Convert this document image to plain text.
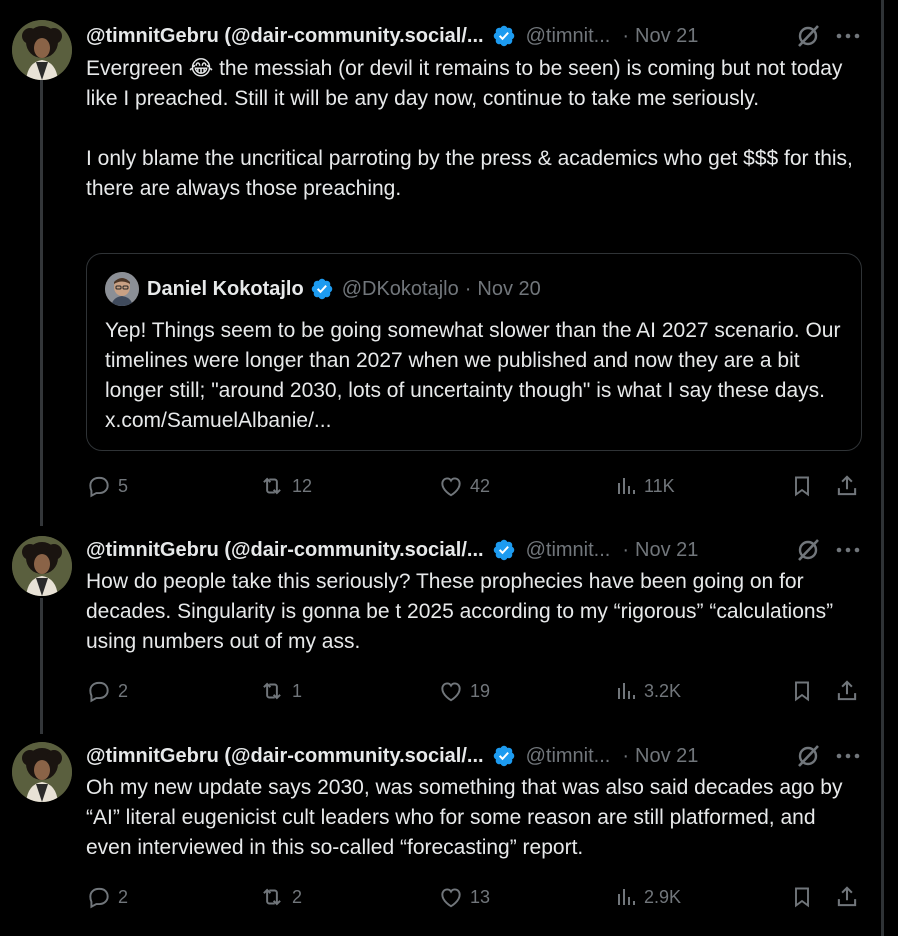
@timnitGebru (@dair-community.social/... @timnit... · Nov 21
Evergreen 😂 the messiah (or devil it remains to be seen) is coming but not today like I preached. Still it will be any day now, continue to take me seriously.

I only blame the uncritical parroting by the press & academics who get $$$ for this, there are always those preaching.
Daniel Kokotajlo @DKokotajlo · Nov 20
Yep! Things seem to be going somewhat slower than the AI 2027 scenario. Our timelines were longer than 2027 when we published and now they are a bit longer still; "around 2030, lots of uncertainty though" is what I say these days. x.com/SamuelAlbanie/...
5	12	42	11K
@timnitGebru (@dair-community.social/... @timnit... · Nov 21
How do people take this seriously? These prophecies have been going on for decades. Singularity is gonna be t 2025 according to my “rigorous” “calculations” using numbers out of my ass.
2	1	19	3.2K
@timnitGebru (@dair-community.social/... @timnit... · Nov 21
Oh my new update says 2030, was something that was also said decades ago by “AI” literal eugenicist cult leaders who for some reason are still platformed, and even interviewed in this so-called “forecasting” report.
2	2	13	2.9K
